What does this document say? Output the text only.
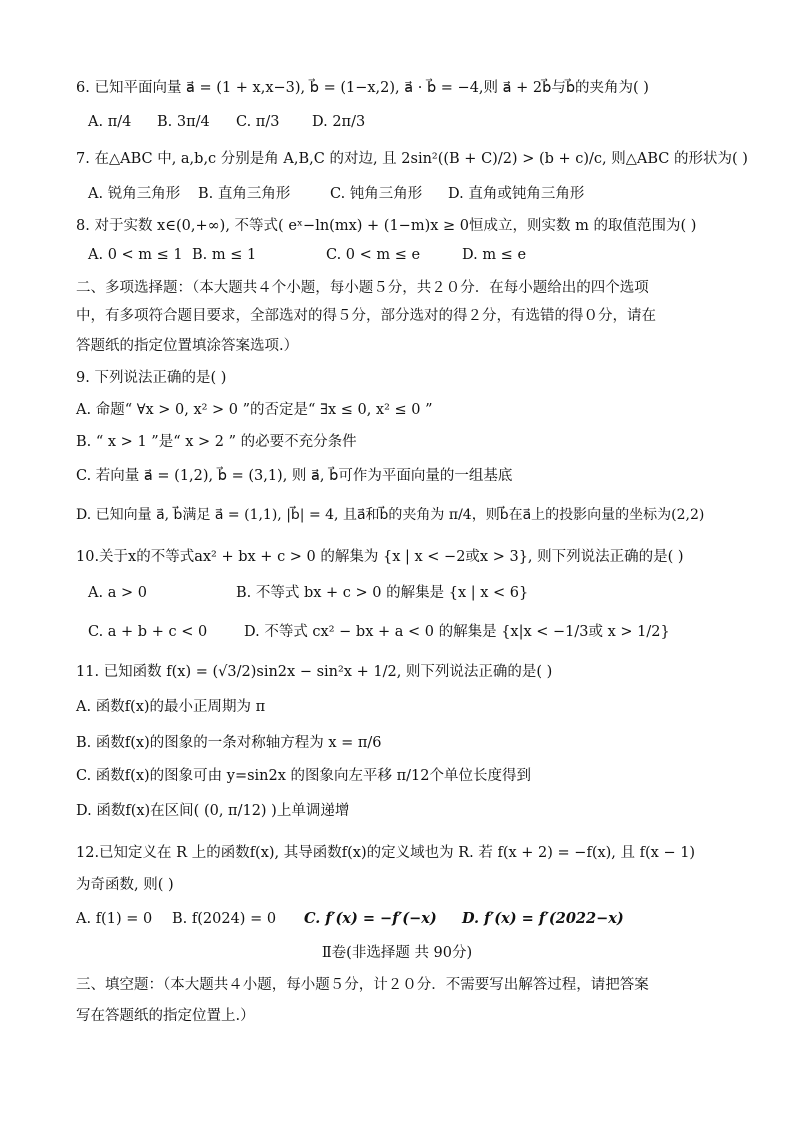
6. 已知平面向量 a⃗ = (1 + x,x−3), b⃗ = (1−x,2), a⃗ · b⃗ = −4,则 a⃗ + 2b⃗与b⃗的夹角为( )
A. π/4 B. 3π/4 C. π/3 D. 2π/3
7. 在△ABC 中, a,b,c 分别是角 A,B,C 的对边, 且 2sin²((B + C)/2) > (b + c)/c, 则△ABC 的形状为( )
A. 锐角三角形 B. 直角三角形	C. 钝角三角形 D. 直角或钝角三角形
8. 对于实数 x∈(0,+∞), 不等式( eˣ−ln(mx) + (1−m)x ≥ 0恒成立，则实数 m 的取值范围为( )
A. 0 < m ≤ 1 B. m ≤ 1	C. 0 < m ≤ e	D. m ≤ e
二、多项选择题：（本大题共４个小题，每小题５分，共２０分．在每小题给出的四个选项
中，有多项符合题目要求，全部选对的得５分，部分选对的得２分，有选错的得０分，请在
答题纸的指定位置填涂答案选项.）
9. 下列说法正确的是( )
A. 命题“ ∀x > 0, x² > 0 ”的否定是“ ∃x ≤ 0, x² ≤ 0 ”
B. “ x > 1 ”是“ x > 2 ” 的必要不充分条件
C. 若向量 a⃗ = (1,2), b⃗ = (3,1), 则 a⃗, b⃗可作为平面向量的一组基底
D. 已知向量 a⃗, b⃗满足 a⃗ = (1,1), |b⃗| = 4, 且a⃗和b⃗的夹角为 π/4，则b⃗在a⃗上的投影向量的坐标为(2,2)
10.关于x的不等式ax² + bx + c > 0 的解集为 {x | x < −2或x > 3}, 则下列说法正确的是( )
A. a > 0	B. 不等式 bx + c > 0 的解集是 {x | x < 6}
C. a + b + c < 0	D. 不等式 cx² − bx + a < 0 的解集是 {x|x < −1/3或 x > 1/2}
11. 已知函数 f(x) = (√3/2)sin2x − sin²x + 1/2, 则下列说法正确的是( )
A. 函数f(x)的最小正周期为 π
B. 函数f(x)的图象的一条对称轴方程为 x = π/6
C. 函数f(x)的图象可由 y=sin2x 的图象向左平移 π/12个单位长度得到
D. 函数f(x)在区间( (0, π/12) )上单调递增
12.已知定义在 R 上的函数f(x), 其导函数f(x)的定义域也为 R. 若 f(x + 2) = −f(x), 且 f(x − 1)
为奇函数, 则( )
A. f(1) = 0 B. f(2024) = 0 C. f′(x) = −f′(−x) D. f′(x) = f′(2022−x)
Ⅱ卷(非选择题 共 90分)
三、填空题：（本大题共４小题，每小题５分，计２０分．不需要写出解答过程，请把答案
写在答题纸的指定位置上.）
